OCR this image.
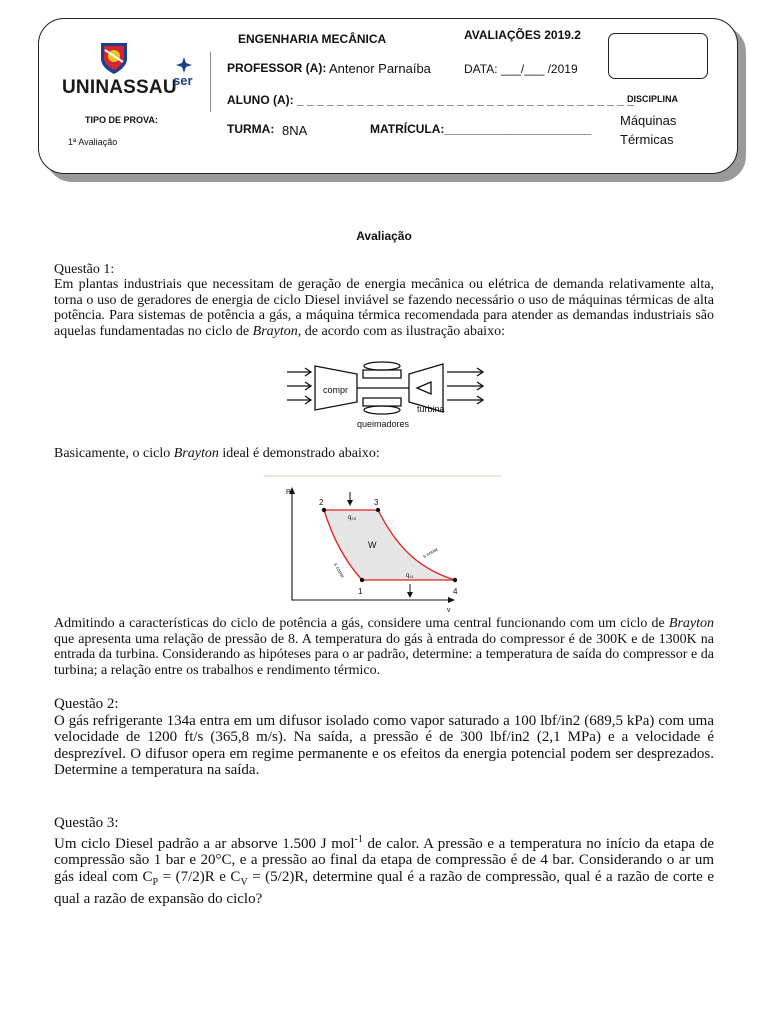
UNINASSAU
ser
ENGENHARIA MECÂNICA	AVALIAÇÕES 2019.2
PROFESSOR (A): Antenor Parnaíba	DATA: ___/___ /2019
ALUNO (A): _ _ _ _ _ _ _ _ _ _ _ _ _ _ _ _ _ _ _ _ _ _ _ _ _ _ _ _ _ _ _ _ _ _
TIPO DE PROVA:
1ª Avaliação
TURMA: 8NA	MATRÍCULA:______________________
DISCIPLINA
Máquinas
Térmicas
Avaliação
Questão 1:
Em plantas industriais que necessitam de geração de energia mecânica ou elétrica de demanda relativamente alta, torna o uso de geradores de energia de ciclo Diesel inviável se fazendo necessário o uso de máquinas térmicas de alta potência. Para sistemas de potência a gás, a máquina térmica recomendada para atender as demandas industriais são aquelas fundamentadas no ciclo de Brayton, de acordo com as ilustração abaixo:
compr
turbina
queimadores
Basicamente, o ciclo Brayton ideal é demonstrado abaixo:
P
v
2	3
1	4
W
q23
q41
s const
s const
Admitindo a características do ciclo de potência a gás, considere uma central funcionando com um ciclo de Brayton que apresenta uma relação de pressão de 8. A temperatura do gás à entrada do compressor é de 300K e de 1300K na entrada da turbina. Considerando as hipóteses para o ar padrão, determine: a temperatura de saída do compressor e da turbina; a relação entre os trabalhos e rendimento térmico.
Questão 2:
O gás refrigerante 134a entra em um difusor isolado como vapor saturado a 100 lbf/in2 (689,5 kPa) com uma velocidade de 1200 ft/s (365,8 m/s). Na saída, a pressão é de 300 lbf/in2 (2,1 MPa) e a velocidade é desprezível. O difusor opera em regime permanente e os efeitos da energia potencial podem ser desprezados. Determine a temperatura na saída.
Questão 3:
Um ciclo Diesel padrão a ar absorve 1.500 J mol$^{-1}$ de calor. A pressão e a temperatura no início da etapa de compressão são 1 bar e 20°C, e a pressão ao final da etapa de compressão é de 4 bar. Considerando o ar um gás ideal com $C_P = (7/2)R$ e $C_V = (5/2)R$, determine qual é a razão de compressão, qual é a razão de corte e qual a razão de expansão do ciclo?
